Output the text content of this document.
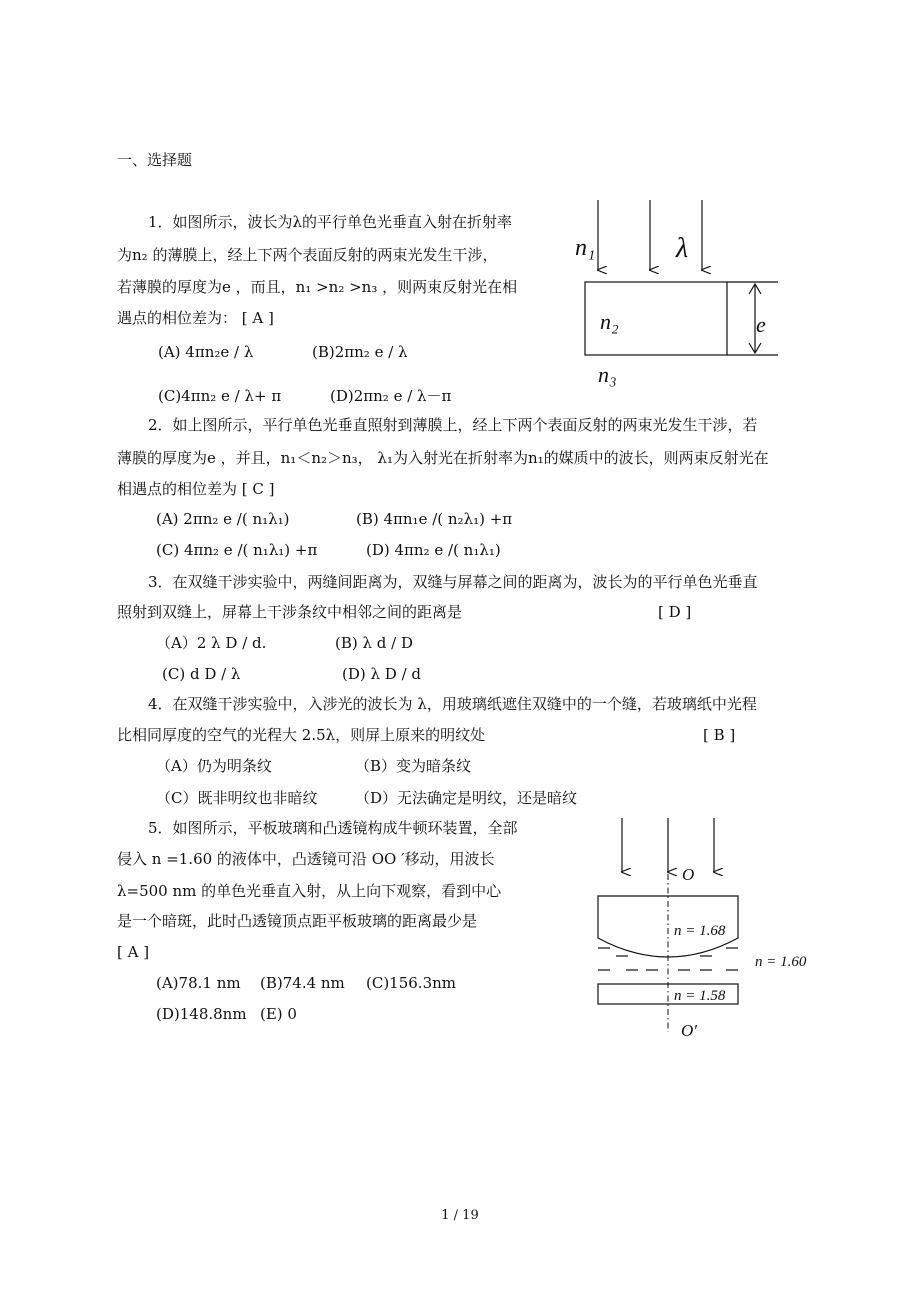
一、选择题
1．如图所示，波长为λ的平行单色光垂直入射在折射率
为n₂ 的薄膜上，经上下两个表面反射的两束光发生干涉，
若薄膜的厚度为e ，而且，n₁ >n₂ >n₃ ，则两束反射光在相
遇点的相位差为： [ A ]
(A) 4πn₂e / λ	(B)2πn₂ e / λ
(C)4πn₂ e / λ+ π	(D)2πn₂ e / λ－π
n₁	λ
n₂	e
n₃
2．如上图所示，平行单色光垂直照射到薄膜上，经上下两个表面反射的两束光发生干涉，若
薄膜的厚度为e ，并且，n₁＜n₂＞n₃， λ₁为入射光在折射率为n₁的媒质中的波长，则两束反射光在
相遇点的相位差为 [ C ]
(A) 2πn₂ e /( n₁λ₁)	(B) 4πn₁e /( n₂λ₁) +π
(C) 4πn₂ e /( n₁λ₁) +π	(D) 4πn₂ e /( n₁λ₁)
3．在双缝干涉实验中，两缝间距离为，双缝与屏幕之间的距离为，波长为的平行单色光垂直
照射到双缝上，屏幕上干涉条纹中相邻之间的距离是	[ D ]
（A）2 λ D / d.	(B) λ d / D
(C) d D / λ	(D) λ D / d
4．在双缝干涉实验中，入涉光的波长为 λ，用玻璃纸遮住双缝中的一个缝，若玻璃纸中光程
比相同厚度的空气的光程大 2.5λ，则屏上原来的明纹处	[ B ]
（A）仍为明条纹	（B）变为暗条纹
（C）既非明纹也非暗纹	（D）无法确定是明纹，还是暗纹
5．如图所示，平板玻璃和凸透镜构成牛顿环装置，全部
侵入 n =1.60 的液体中，凸透镜可沿 OO ′移动，用波长
λ=500 nm 的单色光垂直入射，从上向下观察，看到中心
是一个暗斑，此时凸透镜顶点距平板玻璃的距离最少是
[ A ]
(A)78.1 nm (B)74.4 nm (C)156.3nm
(D)148.8nm (E) 0
O
n = 1.68
n = 1.60
n = 1.58
O′
1 / 19
